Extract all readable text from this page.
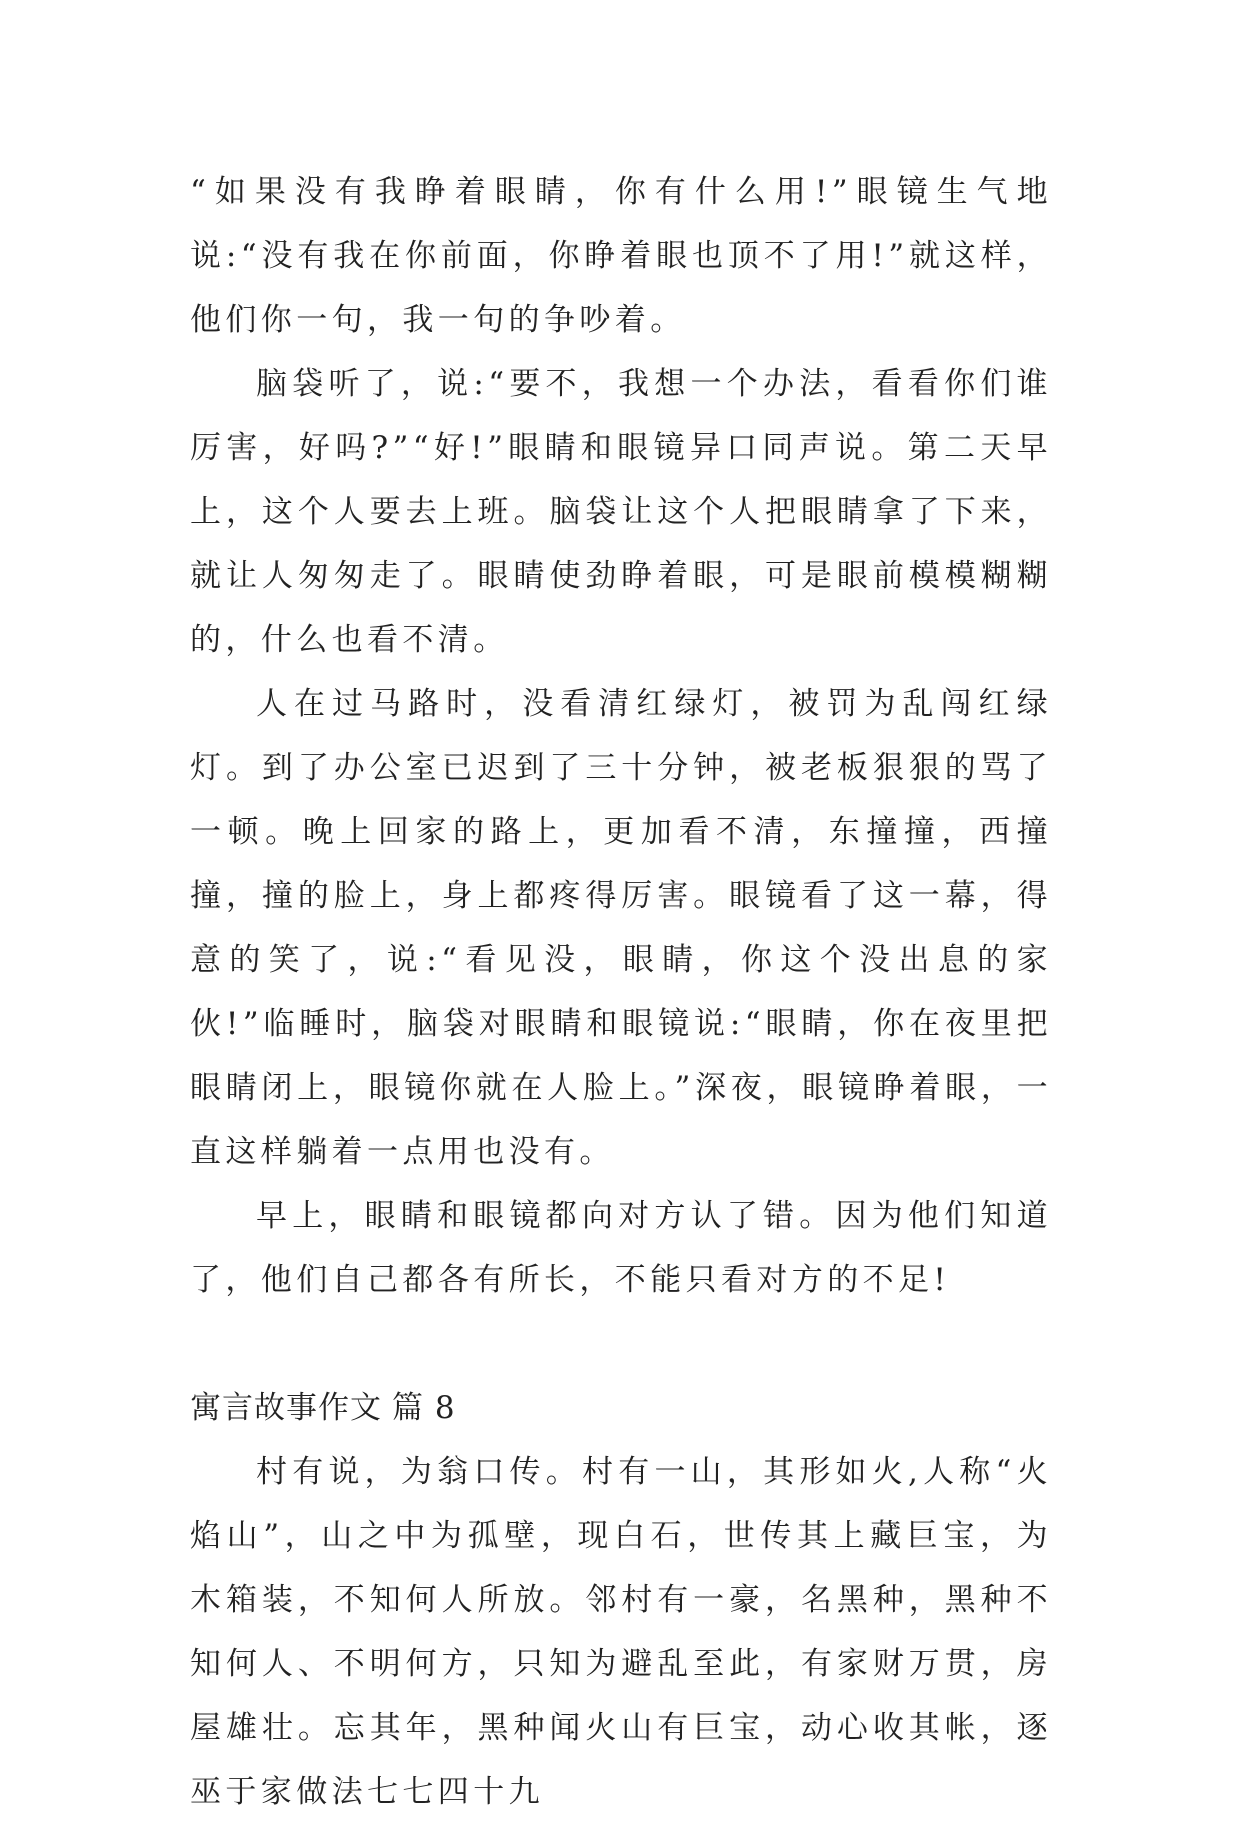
“如果没有我睁着眼睛，你有什么用!”眼镜生气地说:“没有我在你前面，你睁着眼也顶不了用!”就这样，他们你一句，我一句的争吵着。

脑袋听了，说:“要不，我想一个办法，看看你们谁厉害，好吗?”“好!”眼睛和眼镜异口同声说。第二天早上，这个人要去上班。脑袋让这个人把眼睛拿了下来，就让人匆匆走了。眼睛使劲睁着眼，可是眼前模模糊糊的，什么也看不清。

人在过马路时，没看清红绿灯，被罚为乱闯红绿灯。到了办公室已迟到了三十分钟，被老板狠狠的骂了一顿。晚上回家的路上，更加看不清，东撞撞，西撞撞，撞的脸上，身上都疼得厉害。眼镜看了这一幕，得意的笑了，说:“看见没，眼睛，你这个没出息的家伙!”临睡时，脑袋对眼睛和眼镜说:“眼睛，你在夜里把眼睛闭上，眼镜你就在人脸上。”深夜，眼镜睁着眼，一直这样躺着一点用也没有。

早上，眼睛和眼镜都向对方认了错。因为他们知道了，他们自己都各有所长，不能只看对方的不足!

寓言故事作文 篇 8

村有说，为翁口传。村有一山，其形如火,人称“火焰山”，山之中为孤壁，现白石，世传其上藏巨宝，为木箱装，不知何人所放。邻村有一豪，名黑种，黑种不知何人、不明何方，只知为避乱至此，有家财万贯，房屋雄壮。忘其年，黑种闻火山有巨宝，动心收其帐，逐巫于家做法七七四十九
